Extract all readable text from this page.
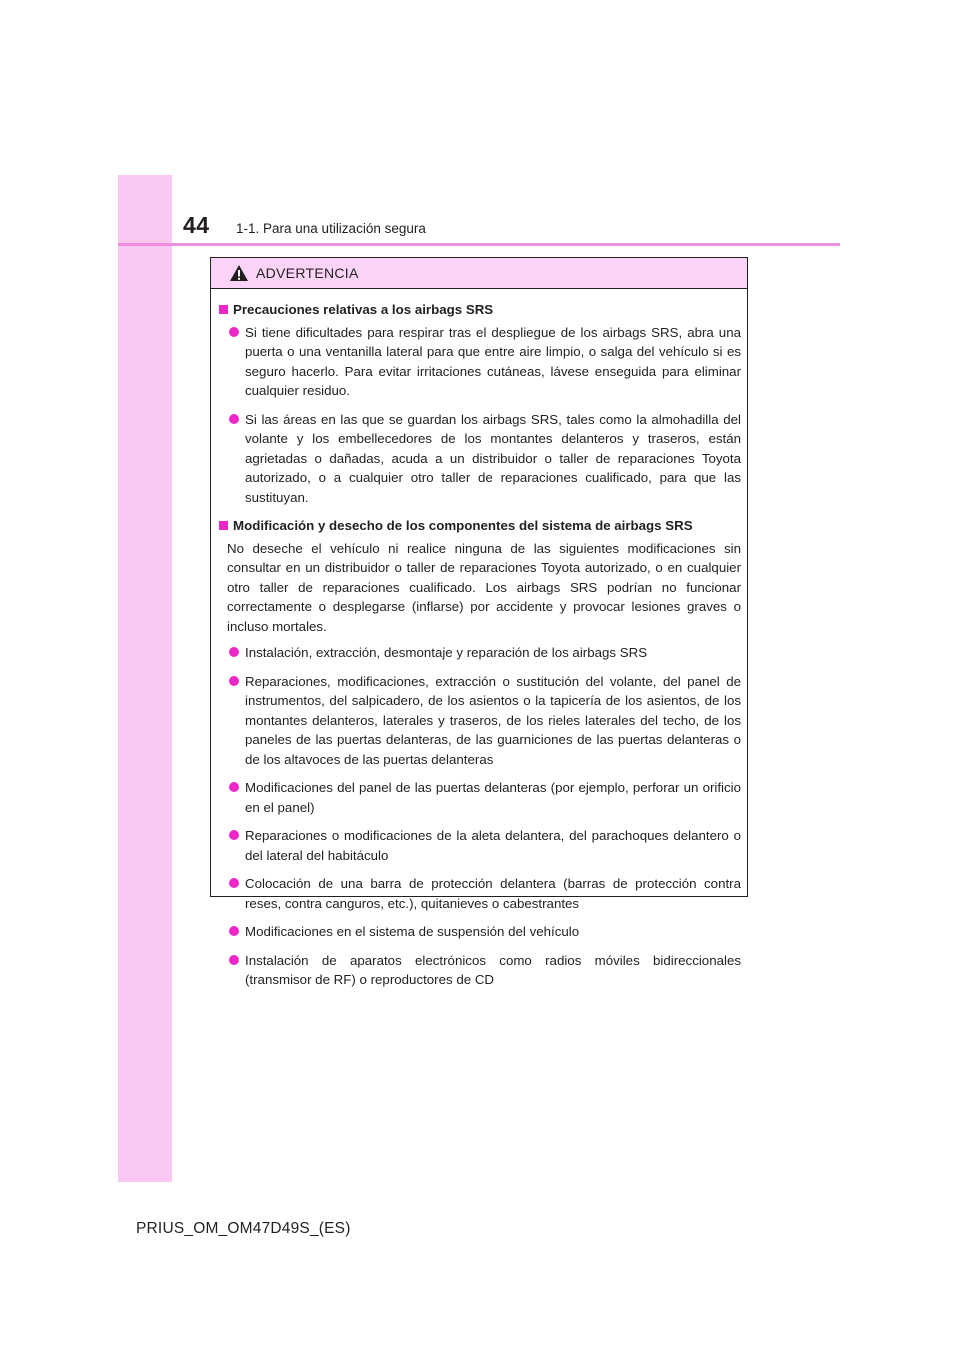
44 1-1. Para una utilización segura
ADVERTENCIA
Precauciones relativas a los airbags SRS
Si tiene dificultades para respirar tras el despliegue de los airbags SRS, abra una puerta o una ventanilla lateral para que entre aire limpio, o salga del vehículo si es seguro hacerlo. Para evitar irritaciones cutáneas, lávese enseguida para eliminar cualquier residuo.
Si las áreas en las que se guardan los airbags SRS, tales como la almohadilla del volante y los embellecedores de los montantes delanteros y traseros, están agrietadas o dañadas, acuda a un distribuidor o taller de reparaciones Toyota autorizado, o a cualquier otro taller de reparaciones cualificado, para que las sustituyan.
Modificación y desecho de los componentes del sistema de airbags SRS
No deseche el vehículo ni realice ninguna de las siguientes modificaciones sin consultar en un distribuidor o taller de reparaciones Toyota autorizado, o en cualquier otro taller de reparaciones cualificado. Los airbags SRS podrían no funcionar correctamente o desplegarse (inflarse) por accidente y provocar lesiones graves o incluso mortales.
Instalación, extracción, desmontaje y reparación de los airbags SRS
Reparaciones, modificaciones, extracción o sustitución del volante, del panel de instrumentos, del salpicadero, de los asientos o la tapicería de los asientos, de los montantes delanteros, laterales y traseros, de los rieles laterales del techo, de los paneles de las puertas delanteras, de las guarniciones de las puertas delanteras o de los altavoces de las puertas delanteras
Modificaciones del panel de las puertas delanteras (por ejemplo, perforar un orificio en el panel)
Reparaciones o modificaciones de la aleta delantera, del parachoques delantero o del lateral del habitáculo
Colocación de una barra de protección delantera (barras de protección contra reses, contra canguros, etc.), quitanieves o cabestrantes
Modificaciones en el sistema de suspensión del vehículo
Instalación de aparatos electrónicos como radios móviles bidireccionales (transmisor de RF) o reproductores de CD
PRIUS_OM_OM47D49S_(ES)
